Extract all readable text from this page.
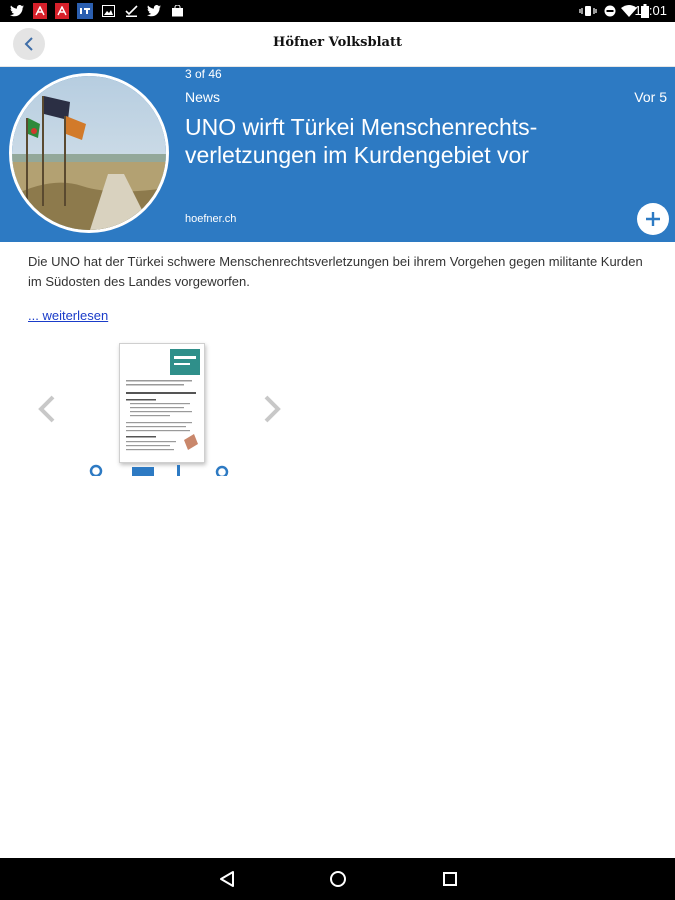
17:01
Höfner Volksblatt
3 of 46
News	Vor 5
UNO wirft Türkei Menschenrechts-verletzungen im Kurdengebiet vor
hoefner.ch
Die UNO hat der Türkei schwere Menschenrechtsverletzungen bei ihrem Vorgehen gegen militante Kurden im Südosten des Landes vorgeworfen.
... weiterlesen
